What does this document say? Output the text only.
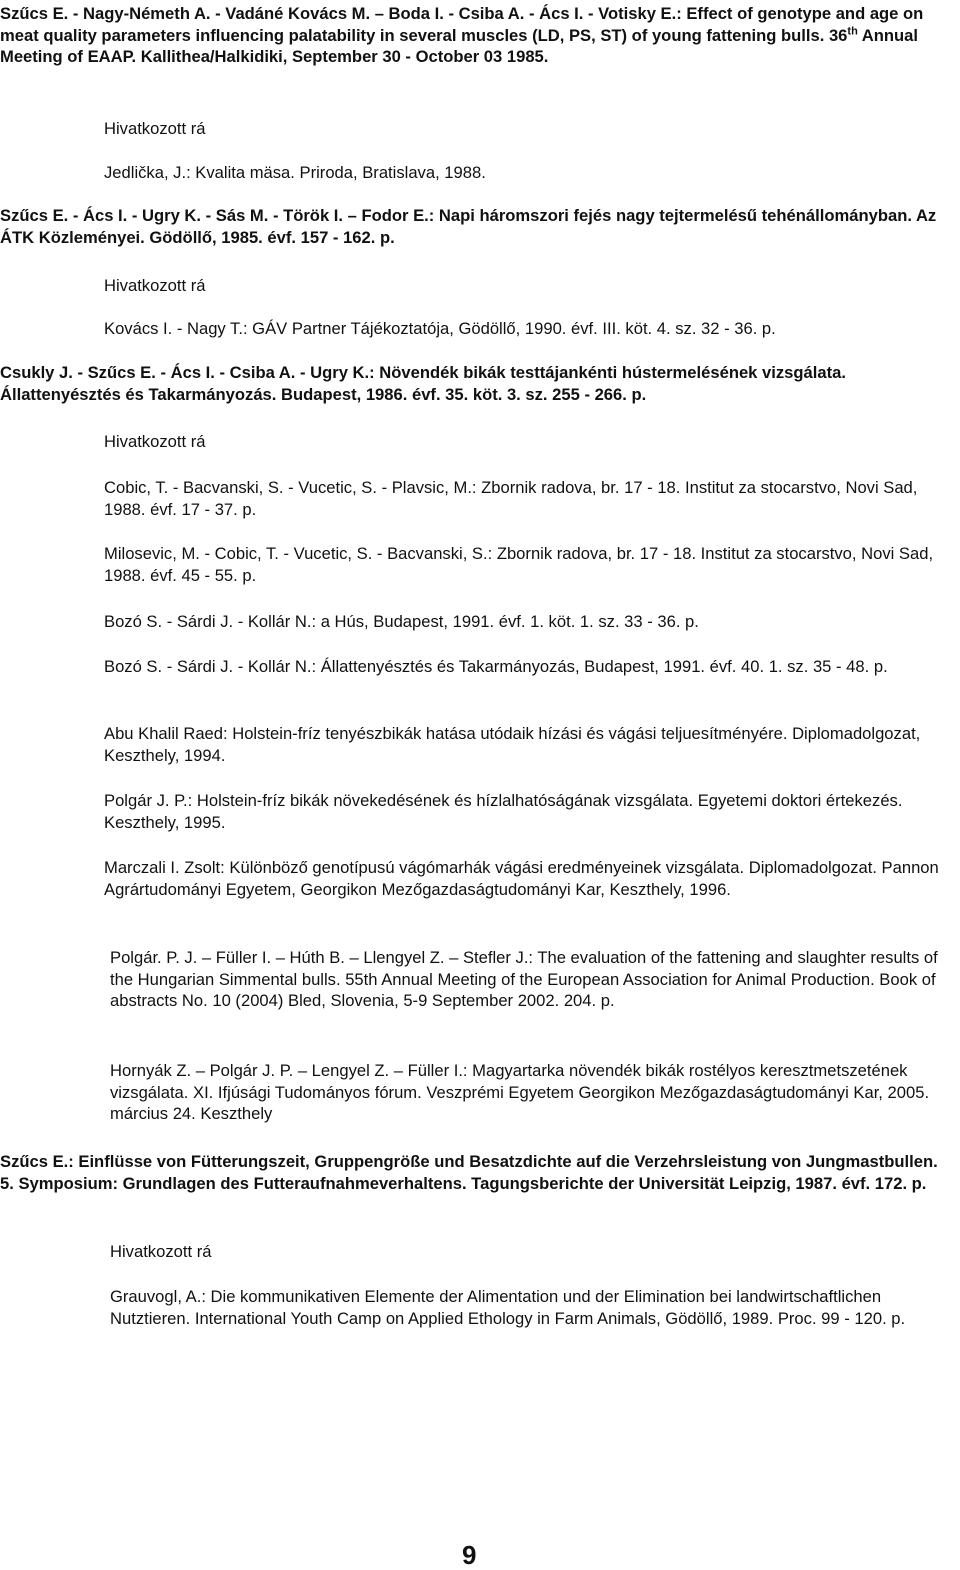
Szűcs E. - Nagy-Németh A. - Vadáné Kovács M. – Boda I. - Csiba A. - Ács I. - Votisky E.: Effect of genotype and age on meat quality parameters influencing palatability in several muscles (LD, PS, ST) of young fattening bulls. 36th Annual Meeting of EAAP. Kallithea/Halkidiki, September 30 - October 03 1985.

Hivatkozott rá

Jedlička, J.: Kvalita mäsa. Priroda, Bratislava, 1988.

Szűcs E. - Ács I. - Ugry K. - Sás M. - Török I. – Fodor E.: Napi háromszori fejés nagy tejtermelésű tehénállományban. Az ÁTK Közleményei. Gödöllő, 1985. évf. 157 - 162. p.

Hivatkozott rá

Kovács I. - Nagy T.: GÁV Partner Tájékoztatója, Gödöllő, 1990. évf. III. köt. 4. sz. 32 - 36. p.

Csukly J. - Szűcs E. - Ács I. - Csiba A. - Ugry K.: Növendék bikák testtájankénti hústermelésének vizsgálata. Állattenyésztés és Takarmányozás. Budapest, 1986. évf. 35. köt. 3. sz. 255 - 266. p.

Hivatkozott rá

Cobic, T. - Bacvanski, S. - Vucetic, S. - Plavsic, M.: Zbornik radova, br. 17 - 18. Institut za stocarstvo, Novi Sad, 1988. évf. 17 - 37. p.

Milosevic, M. - Cobic, T. - Vucetic, S. - Bacvanski, S.: Zbornik radova, br. 17 - 18. Institut za stocarstvo, Novi Sad, 1988. évf. 45 - 55. p.

Bozó S. - Sárdi J. - Kollár N.: a Hús, Budapest, 1991. évf. 1. köt. 1. sz. 33 - 36. p.

Bozó S. - Sárdi J. - Kollár N.: Állattenyésztés és Takarmányozás, Budapest, 1991. évf. 40. 1. sz. 35 - 48. p.

Abu Khalil Raed: Holstein-fríz tenyészbikák hatása utódaik hízási és vágási teljuesítményére. Diplomadolgozat, Keszthely, 1994.

Polgár J. P.: Holstein-fríz bikák növekedésének és hízlalhatóságának vizsgálata. Egyetemi doktori értekezés. Keszthely, 1995.

Marczali I. Zsolt: Különböző genotípusú vágómarhák vágási eredményeinek vizsgálata. Diplomadolgozat. Pannon Agrártudományi Egyetem, Georgikon Mezőgazdaságtudományi Kar, Keszthely, 1996.

Polgár. P. J. – Füller I. – Húth B. – Llengyel Z. – Stefler J.: The evaluation of the fattening and slaughter results of the Hungarian Simmental bulls. 55th Annual Meeting of the European Association for Animal Production. Book of abstracts No. 10 (2004) Bled, Slovenia, 5-9 September 2002. 204. p.

Hornyák Z. – Polgár J. P. – Lengyel Z. – Füller I.: Magyartarka növendék bikák rostélyos keresztmetszetének vizsgálata. XI. Ifjúsági Tudományos fórum. Veszprémi Egyetem Georgikon Mezőgazdaságtudományi Kar, 2005. március 24. Keszthely

Szűcs E.: Einflüsse von Fütterungszeit, Gruppengröße und Besatzdichte auf die Verzehrsleistung von Jungmastbullen. 5. Symposium: Grundlagen des Futteraufnahmeverhaltens. Tagungsberichte der Universität Leipzig, 1987. évf. 172. p.

Hivatkozott rá

Grauvogl, A.: Die kommunikativen Elemente der Alimentation und der Elimination bei landwirtschaftlichen Nutztieren. International Youth Camp on Applied Ethology in Farm Animals, Gödöllő, 1989. Proc. 99 - 120. p.

9
